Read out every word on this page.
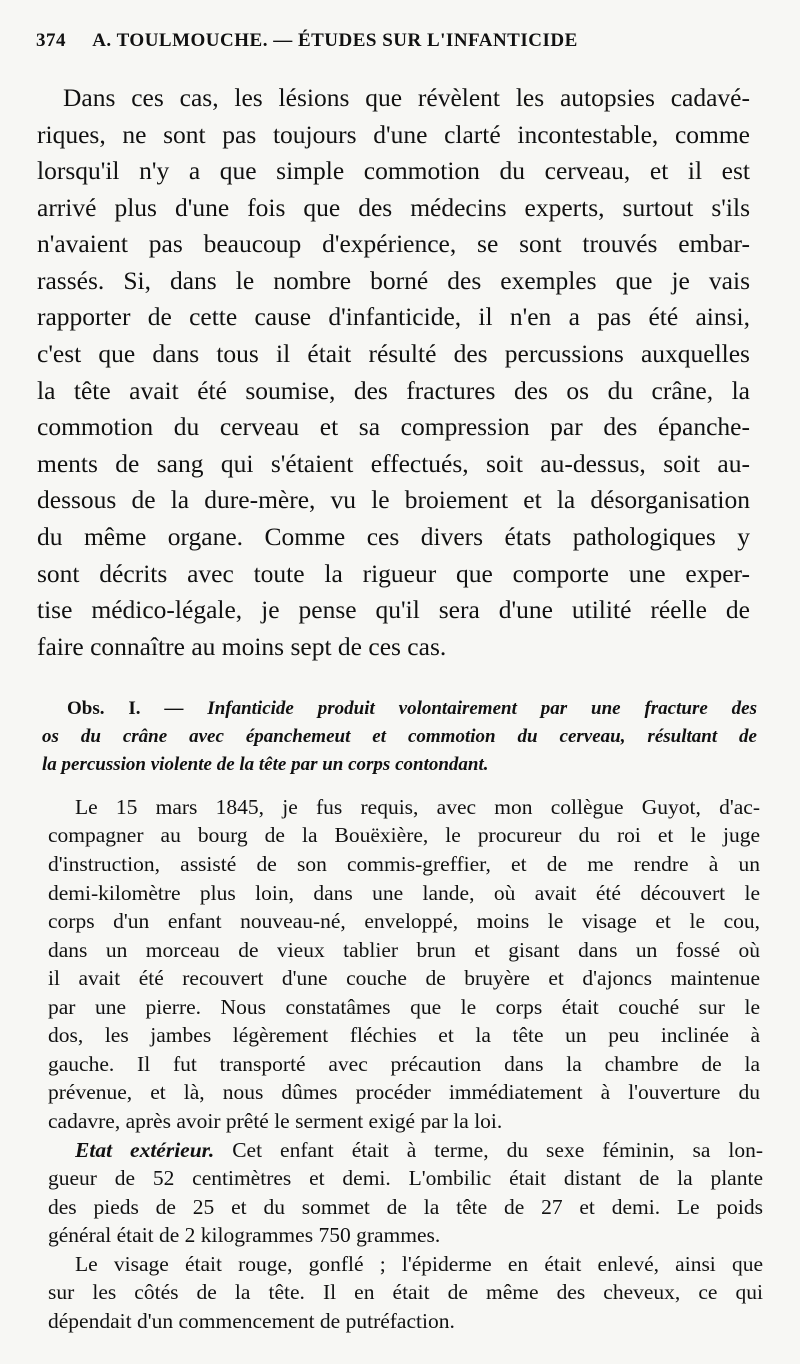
374 A. TOULMOUCHE. — ÉTUDES SUR L'INFANTICIDE
Dans ces cas, les lésions que révèlent les autopsies cadavé-
riques, ne sont pas toujours d'une clarté incontestable, comme
lorsqu'il n'y a que simple commotion du cerveau, et il est
arrivé plus d'une fois que des médecins experts, surtout s'ils
n'avaient pas beaucoup d'expérience, se sont trouvés embar-
rassés. Si, dans le nombre borné des exemples que je vais
rapporter de cette cause d'infanticide, il n'en a pas été ainsi,
c'est que dans tous il était résulté des percussions auxquelles
la tête avait été soumise, des fractures des os du crâne, la
commotion du cerveau et sa compression par des épanche-
ments de sang qui s'étaient effectués, soit au-dessus, soit au-
dessous de la dure-mère, vu le broiement et la désorganisation
du même organe. Comme ces divers états pathologiques y
sont décrits avec toute la rigueur que comporte une exper-
tise médico-légale, je pense qu'il sera d'une utilité réelle de
faire connaître au moins sept de ces cas.
Obs. I. — Infanticide produit volontairement par une fracture des
os du crâne avec épanchemeut et commotion du cerveau, résultant de
la percussion violente de la tête par un corps contondant.
Le 15 mars 1845, je fus requis, avec mon collègue Guyot, d'ac-
compagner au bourg de la Bouëxière, le procureur du roi et le juge
d'instruction, assisté de son commis-greffier, et de me rendre à un
demi-kilomètre plus loin, dans une lande, où avait été découvert le
corps d'un enfant nouveau-né, enveloppé, moins le visage et le cou,
dans un morceau de vieux tablier brun et gisant dans un fossé où
il avait été recouvert d'une couche de bruyère et d'ajoncs maintenue
par une pierre. Nous constatâmes que le corps était couché sur le
dos, les jambes légèrement fléchies et la tête un peu inclinée à
gauche. Il fut transporté avec précaution dans la chambre de la
prévenue, et là, nous dûmes procéder immédiatement à l'ouverture du
cadavre, après avoir prêté le serment exigé par la loi.
Etat extérieur. Cet enfant était à terme, du sexe féminin, sa lon-
gueur de 52 centimètres et demi. L'ombilic était distant de la plante
des pieds de 25 et du sommet de la tête de 27 et demi. Le poids
général était de 2 kilogrammes 750 grammes.
Le visage était rouge, gonflé ; l'épiderme en était enlevé, ainsi que
sur les côtés de la tête. Il en était de même des cheveux, ce qui
dépendait d'un commencement de putréfaction.
